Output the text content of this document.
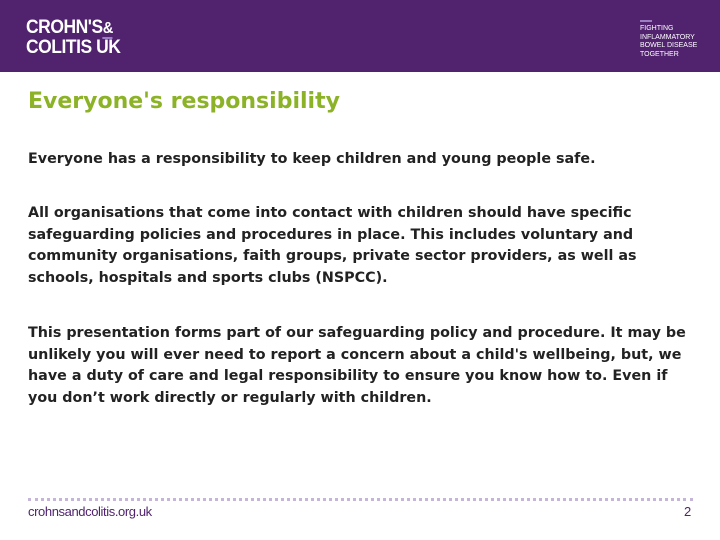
CROHN'S&
COLITIS UK
FIGHTING
INFLAMMATORY
BOWEL DISEASE
TOGETHER
Everyone's responsibility

Everyone has a responsibility to keep children and young people safe.

All organisations that come into contact with children should have specific safeguarding policies and procedures in place. This includes voluntary and community organisations, faith groups, private sector providers, as well as schools, hospitals and sports clubs (NSPCC).

This presentation forms part of our safeguarding policy and procedure. It may be unlikely you will ever need to report a concern about a child's wellbeing, but, we have a duty of care and legal responsibility to ensure you know how to. Even if you don’t work directly or regularly with children.

crohnsandcolitis.org.uk	2
